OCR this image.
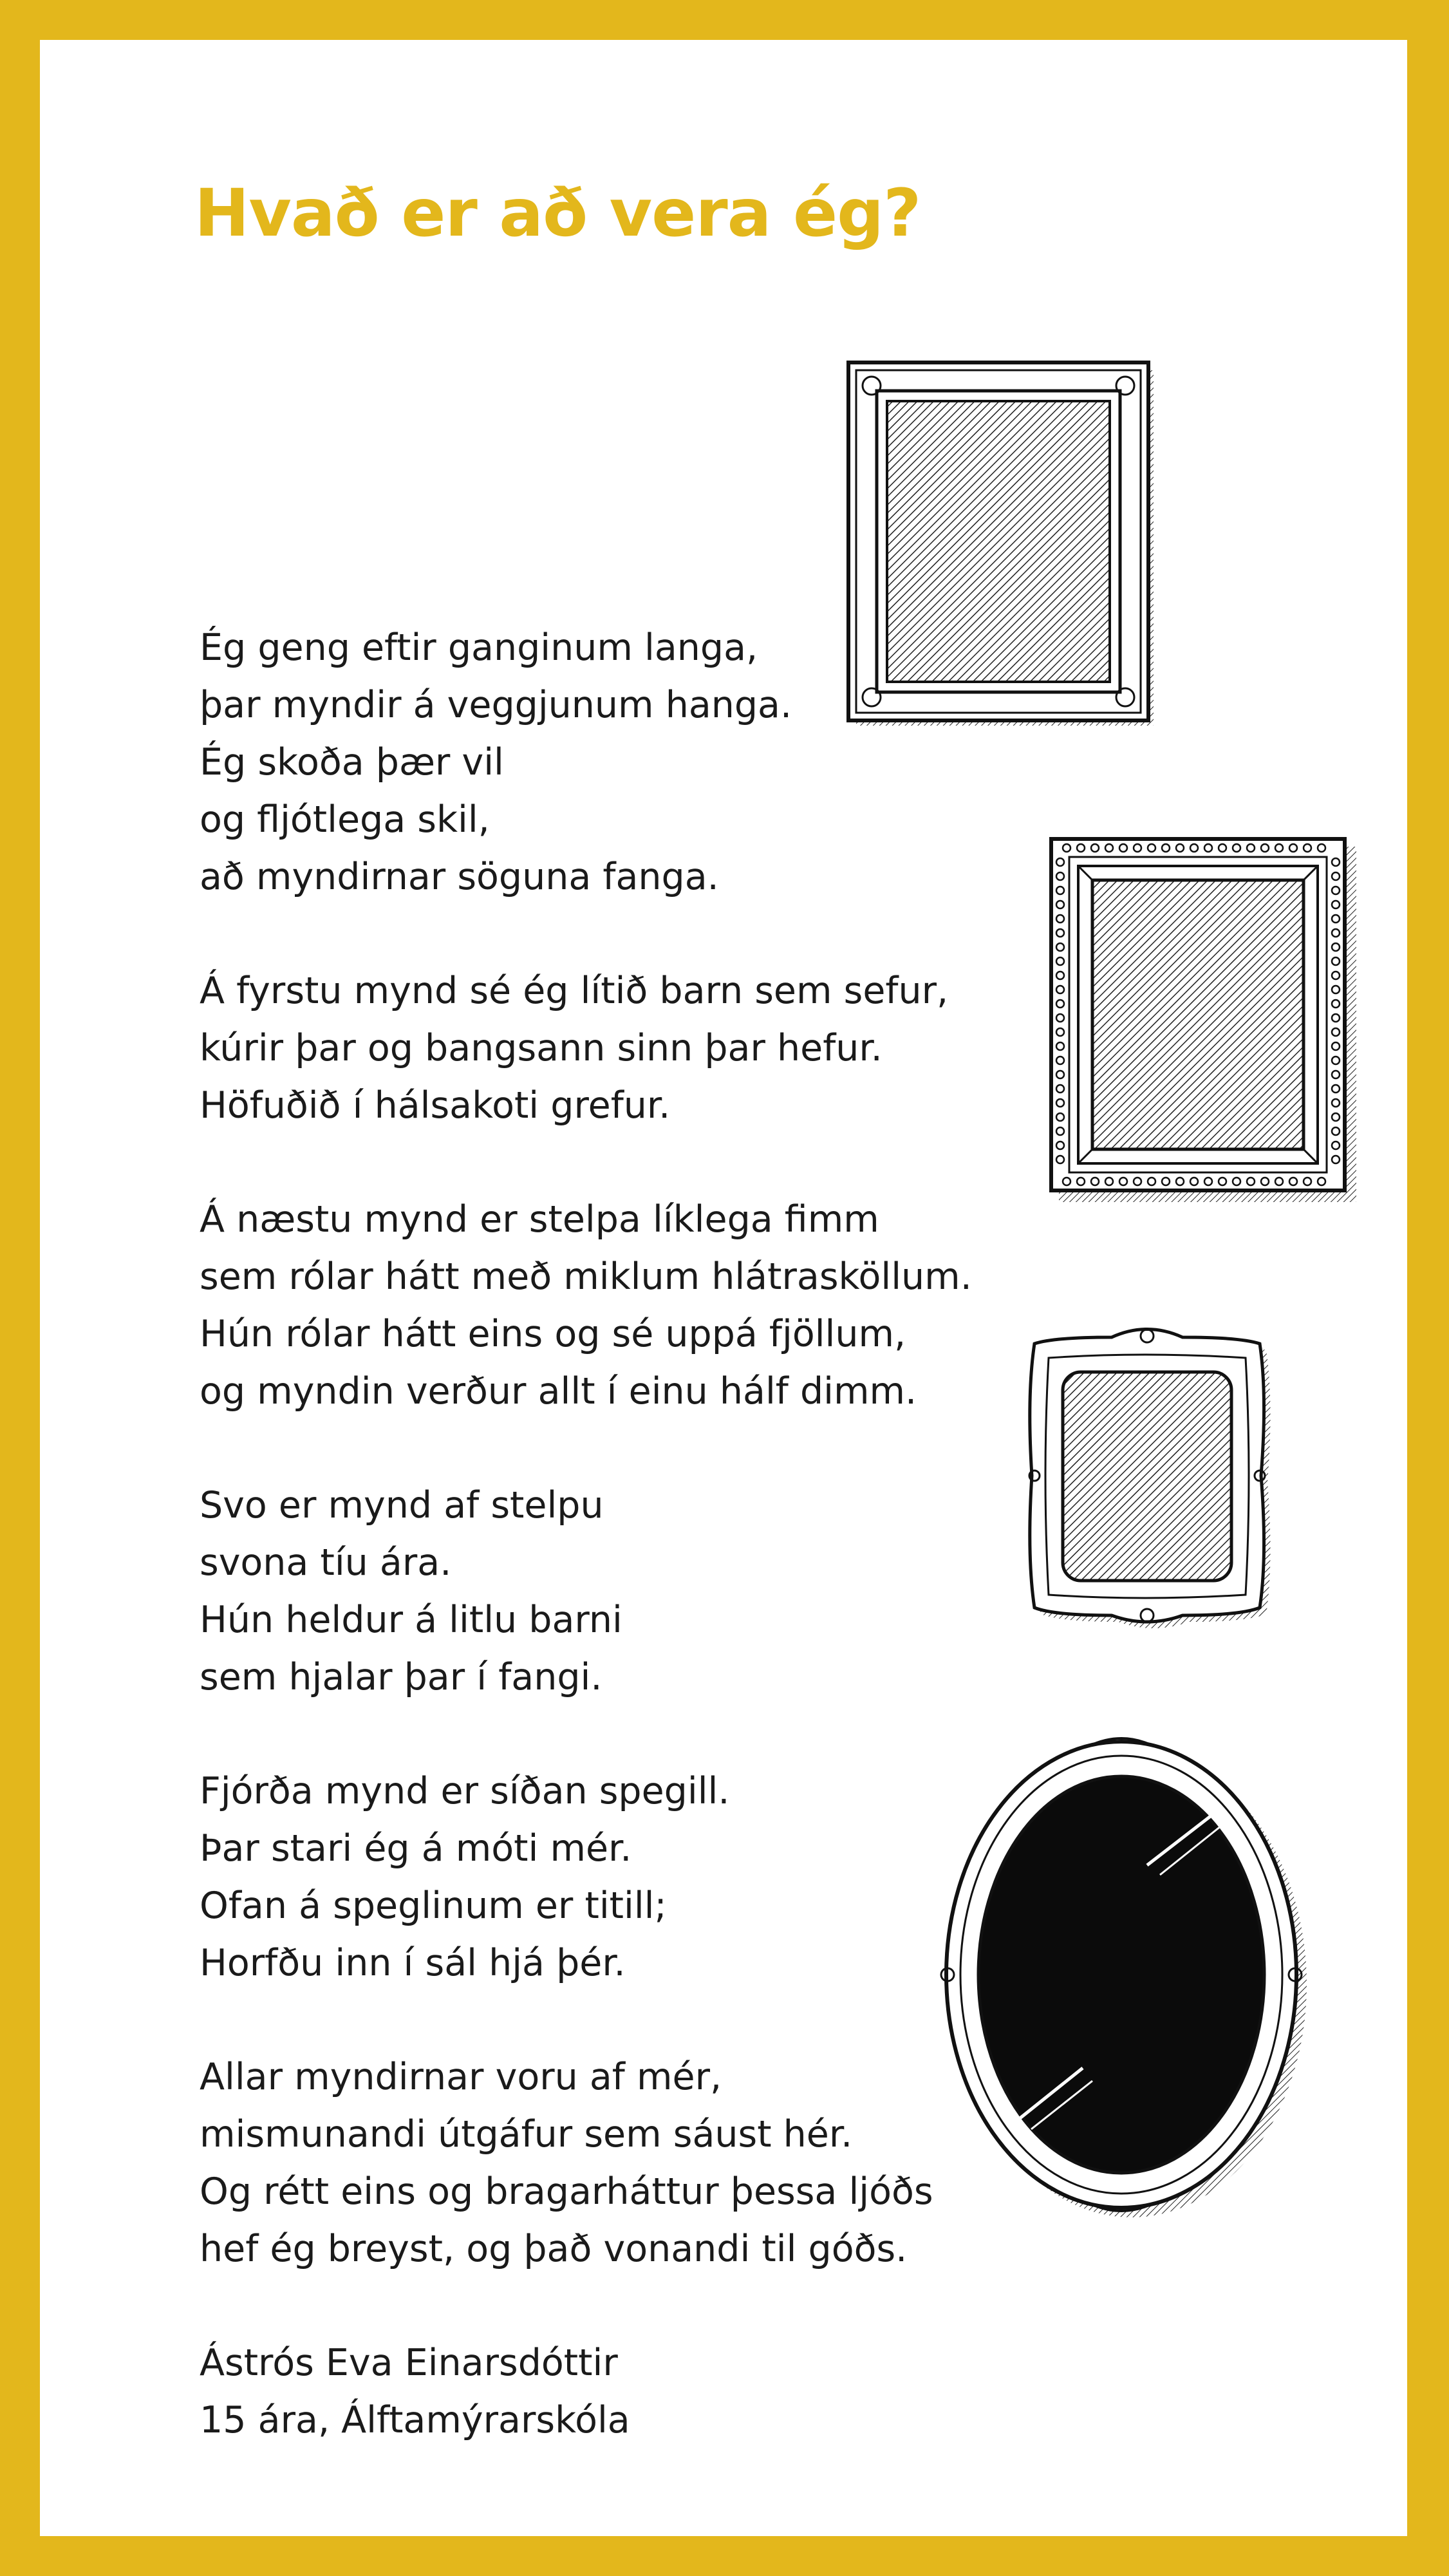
Hvað er að vera ég?

Ég geng eftir ganginum langa,
þar myndir á veggjunum hanga.
Ég skoða þær vil
og fljótlega skil,
að myndirnar söguna fanga.

Á fyrstu mynd sé ég lítið barn sem sefur,
kúrir þar og bangsann sinn þar hefur.
Höfuðið í hálsakoti grefur.

Á næstu mynd er stelpa líklega fimm
sem rólar hátt með miklum hlátrasköllum.
Hún rólar hátt eins og sé uppá fjöllum,
og myndin verður allt í einu hálf dimm.

Svo er mynd af stelpu
svona tíu ára.
Hún heldur á litlu barni
sem hjalar þar í fangi.

Fjórða mynd er síðan spegill.
Þar stari ég á móti mér.
Ofan á speglinum er titill;
Horfðu inn í sál hjá þér.

Allar myndirnar voru af mér,
mismunandi útgáfur sem sáust hér.
Og rétt eins og bragarháttur þessa ljóðs
hef ég breyst, og það vonandi til góðs.

Ástrós Eva Einarsdóttir
15 ára, Álftamýrarskóla
